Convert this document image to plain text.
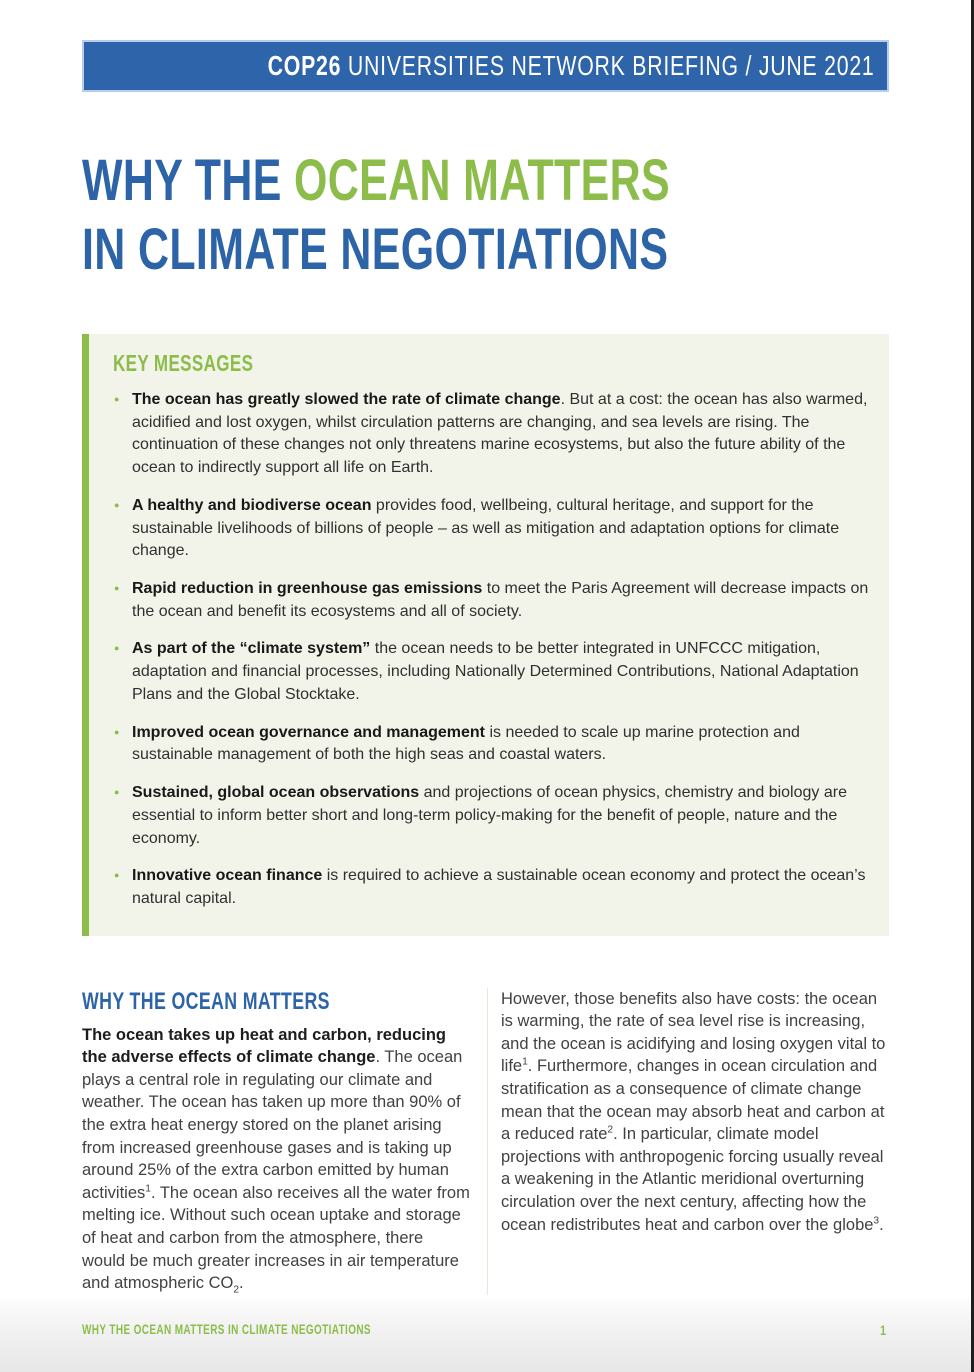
COP26 UNIVERSITIES NETWORK BRIEFING / JUNE 2021
WHY THE OCEAN MATTERS
IN CLIMATE NEGOTIATIONS
KEY MESSAGES
● The ocean has greatly slowed the rate of climate change. But at a cost: the ocean has also warmed, acidified and lost oxygen, whilst circulation patterns are changing, and sea levels are rising. The continuation of these changes not only threatens marine ecosystems, but also the future ability of the ocean to indirectly support all life on Earth.
● A healthy and biodiverse ocean provides food, wellbeing, cultural heritage, and support for the sustainable livelihoods of billions of people – as well as mitigation and adaptation options for climate change.
● Rapid reduction in greenhouse gas emissions to meet the Paris Agreement will decrease impacts on the ocean and benefit its ecosystems and all of society.
● As part of the “climate system” the ocean needs to be better integrated in UNFCCC mitigation, adaptation and financial processes, including Nationally Determined Contributions, National Adaptation Plans and the Global Stocktake.
● Improved ocean governance and management is needed to scale up marine protection and sustainable management of both the high seas and coastal waters.
● Sustained, global ocean observations and projections of ocean physics, chemistry and biology are essential to inform better short and long-term policy-making for the benefit of people, nature and the economy.
● Innovative ocean finance is required to achieve a sustainable ocean economy and protect the ocean’s natural capital.
WHY THE OCEAN MATTERS

The ocean takes up heat and carbon, reducing the adverse effects of climate change. The ocean plays a central role in regulating our climate and weather. The ocean has taken up more than 90% of the extra heat energy stored on the planet arising from increased greenhouse gases and is taking up around 25% of the extra carbon emitted by human activities$^1$. The ocean also receives all the water from melting ice. Without such ocean uptake and storage of heat and carbon from the atmosphere, there would be much greater increases in air temperature and atmospheric $CO_2$.

However, those benefits also have costs: the ocean is warming, the rate of sea level rise is increasing, and the ocean is acidifying and losing oxygen vital to life$^1$. Furthermore, changes in ocean circulation and stratification as a consequence of climate change mean that the ocean may absorb heat and carbon at a reduced rate$^2$. In particular, climate model projections with anthropogenic forcing usually reveal a weakening in the Atlantic meridional overturning circulation over the next century, affecting how the ocean redistributes heat and carbon over the globe$^3$.

WHY THE OCEAN MATTERS IN CLIMATE NEGOTIATIONS	1
